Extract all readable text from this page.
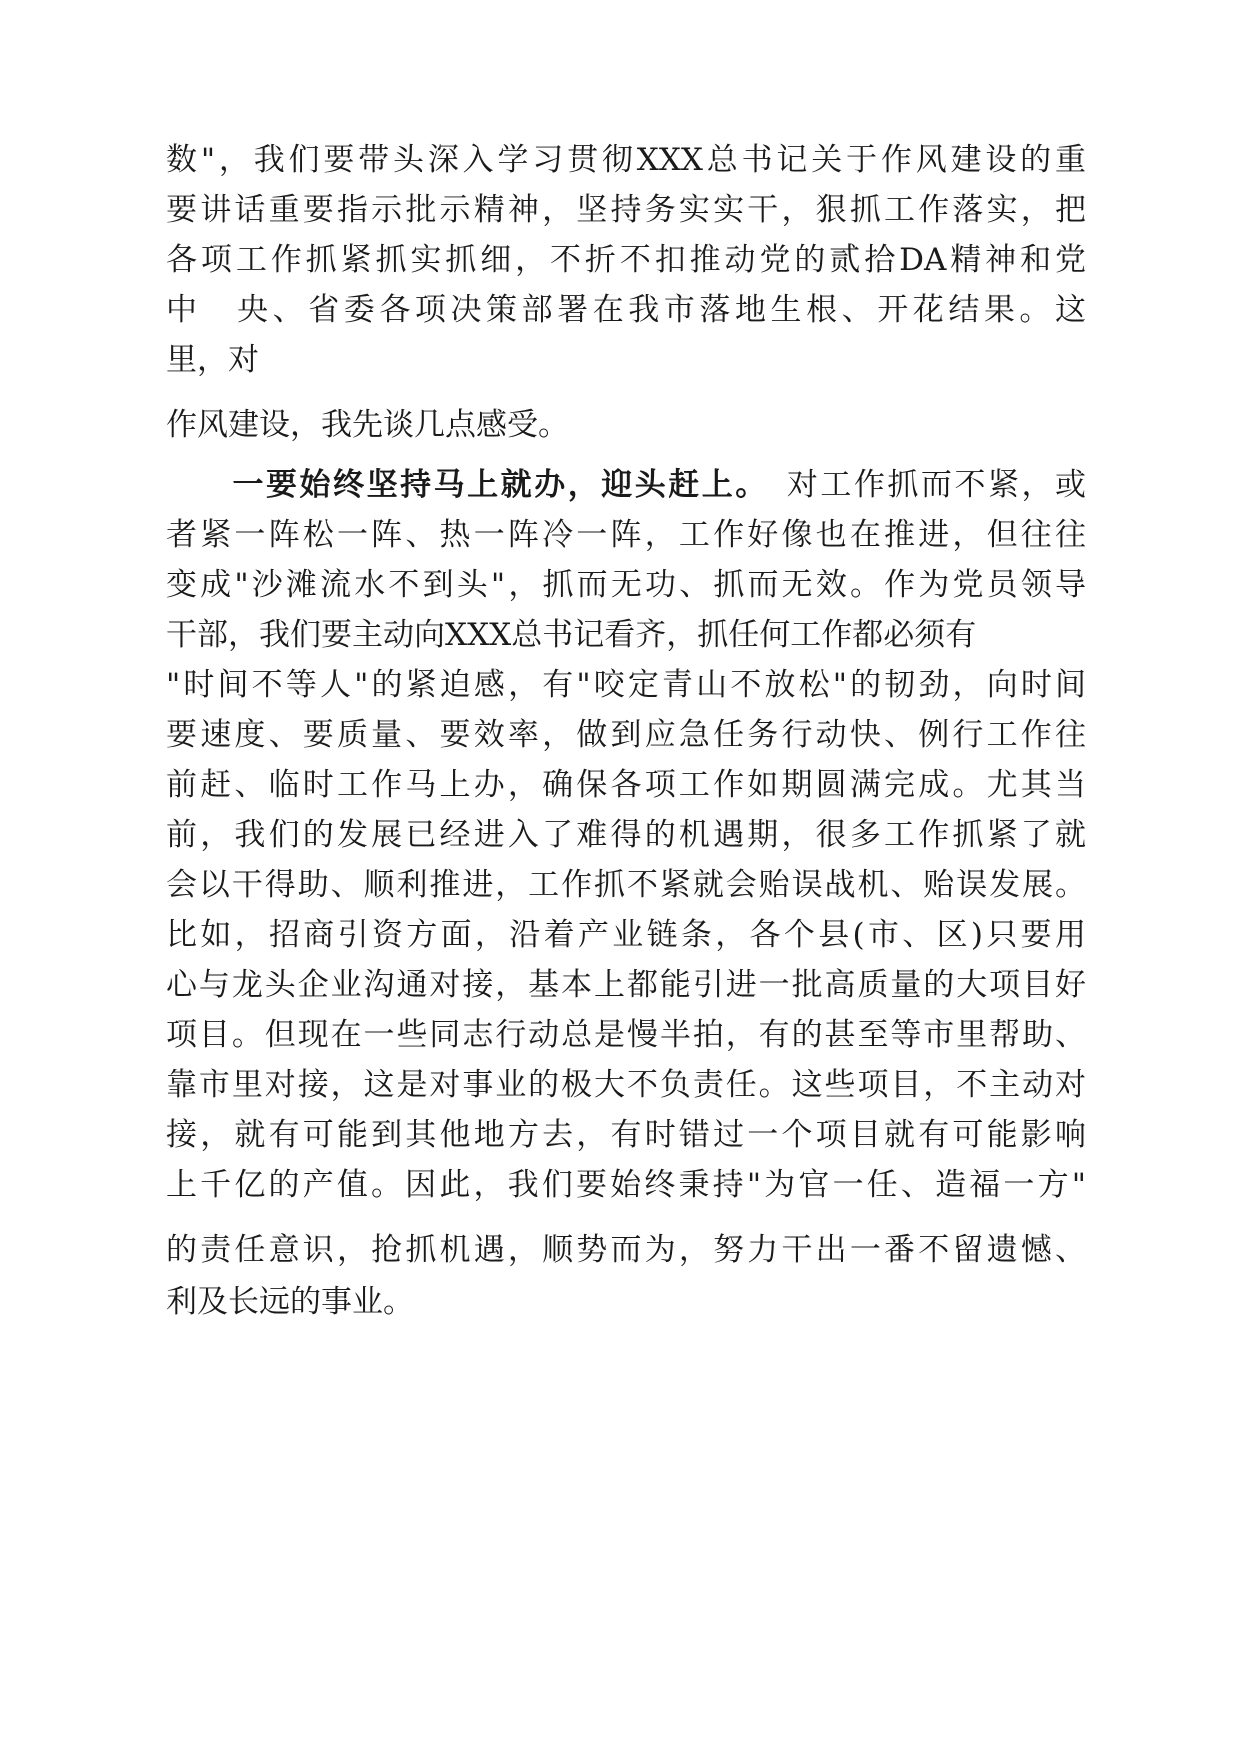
数"，我们要带头深入学习贯彻XXX总书记关于作风建设的重
要讲话重要指示批示精神，坚持务实实干，狠抓工作落实，把
各项工作抓紧抓实抓细，不折不扣推动党的贰拾DA精神和党
中　央、省委各项决策部署在我市落地生根、开花结果。这
里，对
作风建设，我先谈几点感受。
一要始终坚持马上就办，迎头赶上。　 对工作抓而不紧，或
者紧一阵松一阵、热一阵冷一阵，工作好像也在推进，但往往
变成"沙滩流水不到头"，抓而无功、抓而无效。作为党员领导
干部，我们要主动向XXX总书记看齐，抓任何工作都必须有
"时间不等人"的紧迫感，有"咬定青山不放松"的韧劲，向时间
要速度、要质量、要效率，做到应急任务行动快、例行工作往
前赶、临时工作马上办，确保各项工作如期圆满完成。尤其当
前，我们的发展已经进入了难得的机遇期，很多工作抓紧了就
会以干得助、顺利推进，工作抓不紧就会贻误战机、贻误发展。
比如，招商引资方面，沿着产业链条，各个县(市、区)只要用
心与龙头企业沟通对接，基本上都能引进一批高质量的大项目好
项目。但现在一些同志行动总是慢半拍，有的甚至等市里帮助、
靠市里对接，这是对事业的极大不负责任。这些项目，不主动对
接，就有可能到其他地方去，有时错过一个项目就有可能影响
上千亿的产值。因此，我们要始终秉持"为官一任、造福一方"
的责任意识，抢抓机遇，顺势而为，努力干出一番不留遗憾、
利及长远的事业。
